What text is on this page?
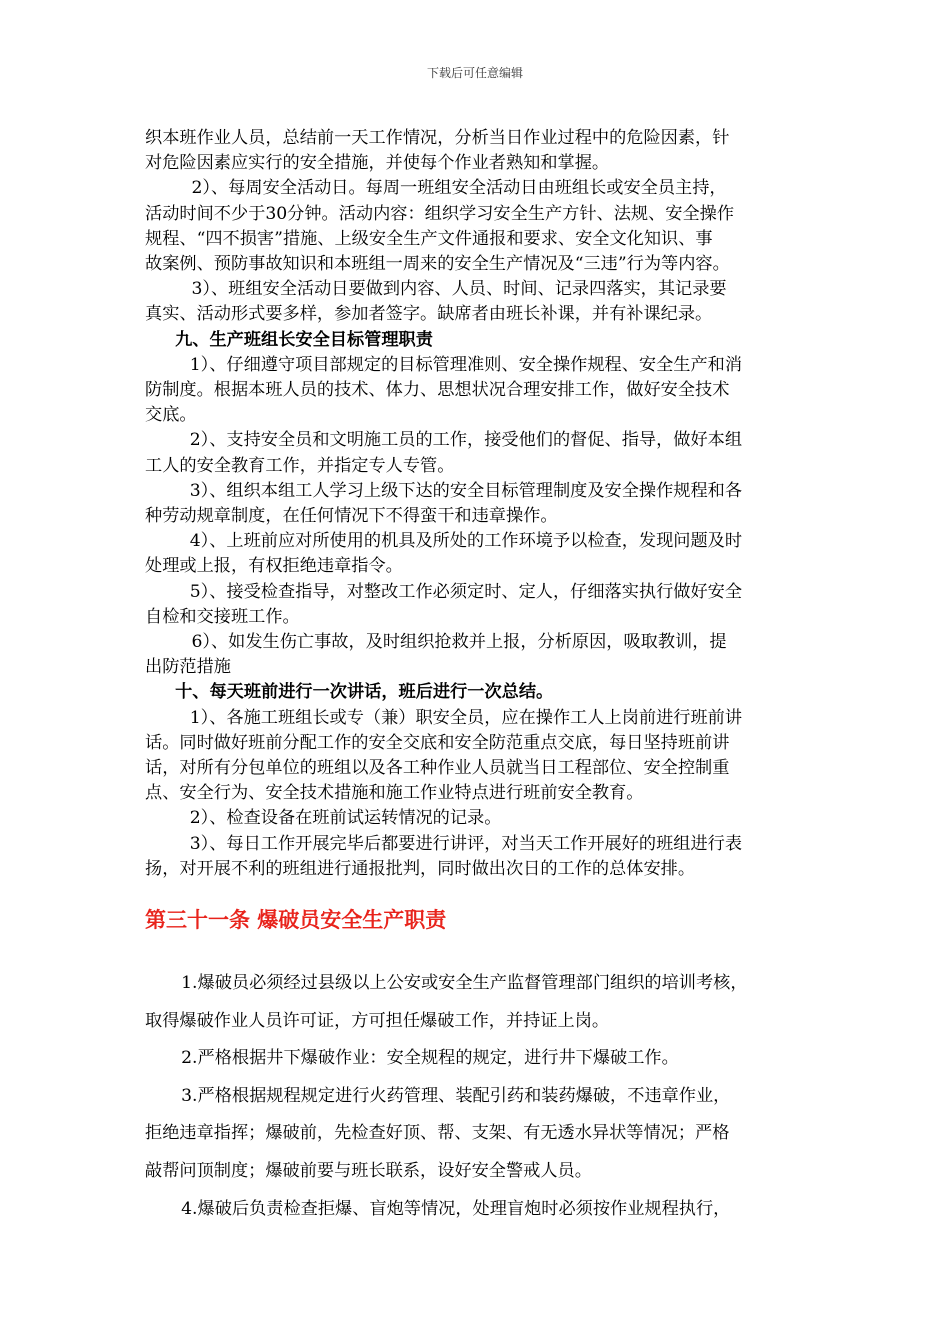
下载后可任意编辑

织本班作业人员，总结前一天工作情况，分析当日作业过程中的危险因素，针

对危险因素应实行的安全措施，并使每个作业者熟知和掌握。

2）、每周安全活动日。每周一班组安全活动日由班组长或安全员主持，

活动时间不少于30分钟。活动内容：组织学习安全生产方针、法规、安全操作

规程、“四不损害”措施、上级安全生产文件通报和要求、安全文化知识、事

故案例、预防事故知识和本班组一周来的安全生产情况及“三违”行为等内容。

3）、班组安全活动日要做到内容、人员、时间、记录四落实，其记录要

真实、活动形式要多样，参加者签字。缺席者由班长补课，并有补课纪录。

九、生产班组长安全目标管理职责

1）、仔细遵守项目部规定的目标管理准则、安全操作规程、安全生产和消

防制度。根据本班人员的技术、体力、思想状况合理安排工作，做好安全技术

交底。

2）、支持安全员和文明施工员的工作，接受他们的督促、指导，做好本组

工人的安全教育工作，并指定专人专管。

3）、组织本组工人学习上级下达的安全目标管理制度及安全操作规程和各

种劳动规章制度，在任何情况下不得蛮干和违章操作。

4）、上班前应对所使用的机具及所处的工作环境予以检查，发现问题及时

处理或上报，有权拒绝违章指令。

5）、接受检查指导，对整改工作必须定时、定人，仔细落实执行做好安全

自检和交接班工作。

6）、如发生伤亡事故，及时组织抢救并上报，分析原因，吸取教训，提

出防范措施

十、每天班前进行一次讲话，班后进行一次总结。

1）、各施工班组长或专（兼）职安全员，应在操作工人上岗前进行班前讲

话。同时做好班前分配工作的安全交底和安全防范重点交底，每日坚持班前讲

话，对所有分包单位的班组以及各工种作业人员就当日工程部位、安全控制重

点、安全行为、安全技术措施和施工作业特点进行班前安全教育。

2）、检查设备在班前试运转情况的记录。

3）、每日工作开展完毕后都要进行讲评，对当天工作开展好的班组进行表

扬，对开展不利的班组进行通报批判，同时做出次日的工作的总体安排。

第三十一条 爆破员安全生产职责

1.爆破员必须经过县级以上公安或安全生产监督管理部门组织的培训考核，
取得爆破作业人员许可证，方可担任爆破工作，并持证上岗。

2.严格根据井下爆破作业：安全规程的规定，进行井下爆破工作。

3.严格根据规程规定进行火药管理、装配引药和装药爆破，不违章作业，
拒绝违章指挥；爆破前，先检查好顶、帮、支架、有无透水异状等情况；严格
敲帮问顶制度；爆破前要与班长联系，设好安全警戒人员。

4.爆破后负责检查拒爆、盲炮等情况，处理盲炮时必须按作业规程执行，
